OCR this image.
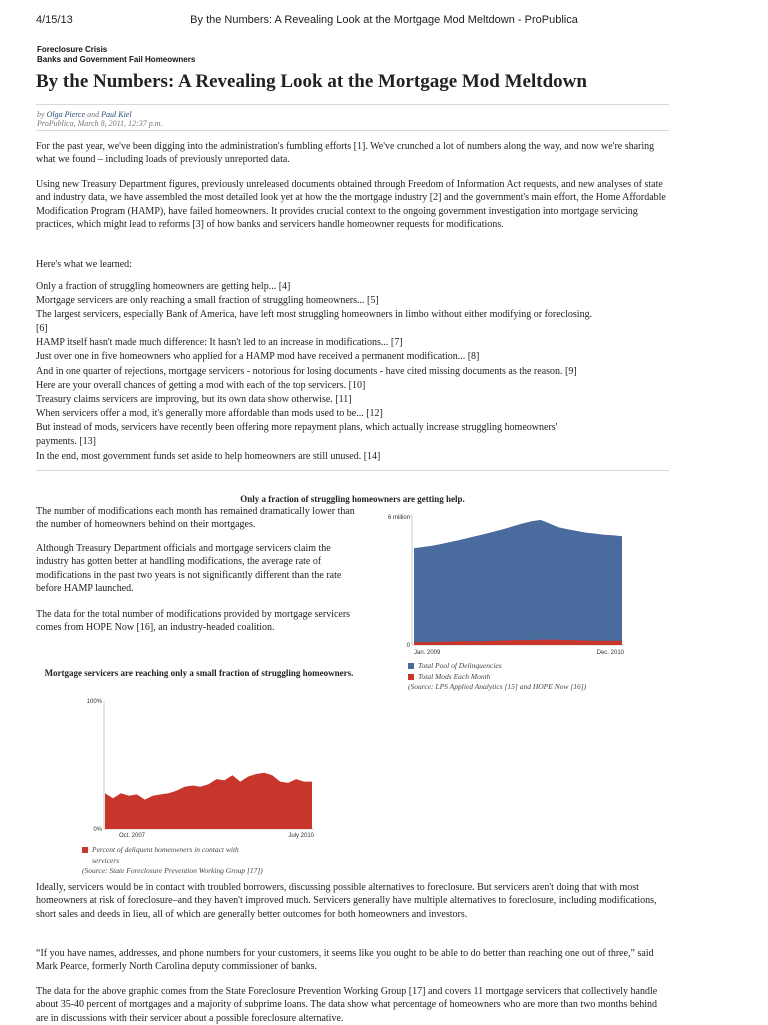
4/15/13	By the Numbers: A Revealing Look at the Mortgage Mod Meltdown - ProPublica
Foreclosure Crisis
Banks and Government Fail Homeowners
By the Numbers: A Revealing Look at the Mortgage Mod Meltdown
by Olga Pierce and Paul Kiel
ProPublica, March 8, 2011, 12:37 p.m.

For the past year, we've been digging into the administration's fumbling efforts [1]. We've crunched a lot of numbers along the way, and now we're sharing what we found – including loads of previously unreported data.

Using new Treasury Department figures, previously unreleased documents obtained through Freedom of Information Act requests, and new analyses of state and industry data, we have assembled the most detailed look yet at how the the mortgage industry [2] and the government's main effort, the Home Affordable Modification Program (HAMP), have failed homeowners. It provides crucial context to the ongoing government investigation into mortgage servicing practices, which might lead to reforms [3] of how banks and servicers handle homeowner requests for modifications.

Here's what we learned:

Only a fraction of struggling homeowners are getting help... [4]
Mortgage servicers are only reaching a small fraction of struggling homeowners... [5]
The largest servicers, especially Bank of America, have left most struggling homeowners in limbo without either modifying or foreclosing.
[6]
HAMP itself hasn't made much difference: It hasn't led to an increase in modifications... [7]
Just over one in five homeowners who applied for a HAMP mod have received a permanent modification... [8]
And in one quarter of rejections, mortgage servicers - notorious for losing documents - have cited missing documents as the reason. [9]
Here are your overall chances of getting a mod with each of the top servicers. [10]
Treasury claims servicers are improving, but its own data show otherwise. [11]
When servicers offer a mod, it's generally more affordable than mods used to be... [12]
But instead of mods, servicers have recently been offering more repayment plans, which actually increase struggling homeowners'
payments. [13]
In the end, most government funds set aside to help homeowners are still unused. [14]
Only a fraction of struggling homeowners are getting help.
The number of modifications each month has remained dramatically lower than the number of homeowners behind on their mortgages.
Although Treasury Department officials and mortgage servicers claim the industry has gotten better at handling modifications, the average rate of modifications in the past two years is not significantly different than the rate before HAMP launched.
The data for the total number of modifications provided by mortgage servicers comes from HOPE Now [16], an industry-headed coalition.
6 million
0
Jan. 2009	Dec. 2010
Total Pool of Delinquencies
Total Mods Each Month
(Source: LPS Applied Analytics [15] and HOPE Now [16])
Mortgage servicers are reaching only a small fraction of struggling homeowners.
100%
0%
Oct. 2007	July 2010
Percent of deliquent homeowners in contact with servicers
(Source: State Foreclosure Prevention Working Group [17])

Ideally, servicers would be in contact with troubled borrowers, discussing possible alternatives to foreclosure. But servicers aren't doing that with most homeowners at risk of foreclosure–and they haven't improved much. Servicers generally have multiple alternatives to foreclosure, including modifications, short sales and deeds in lieu, all of which are generally better outcomes for both homeowners and investors.

“If you have names, addresses, and phone numbers for your customers, it seems like you ought to be able to do better than reaching one out of three,” said Mark Pearce, formerly North Carolina deputy commissioner of banks.

The data for the above graphic comes from the State Foreclosure Prevention Working Group [17] and covers 11 mortgage servicers that collectively handle about 35-40 percent of mortgages and a majority of subprime loans. The data show what percentage of homeowners who are more than two months behind are in discussions with their servicer about a possible foreclosure alternative.
